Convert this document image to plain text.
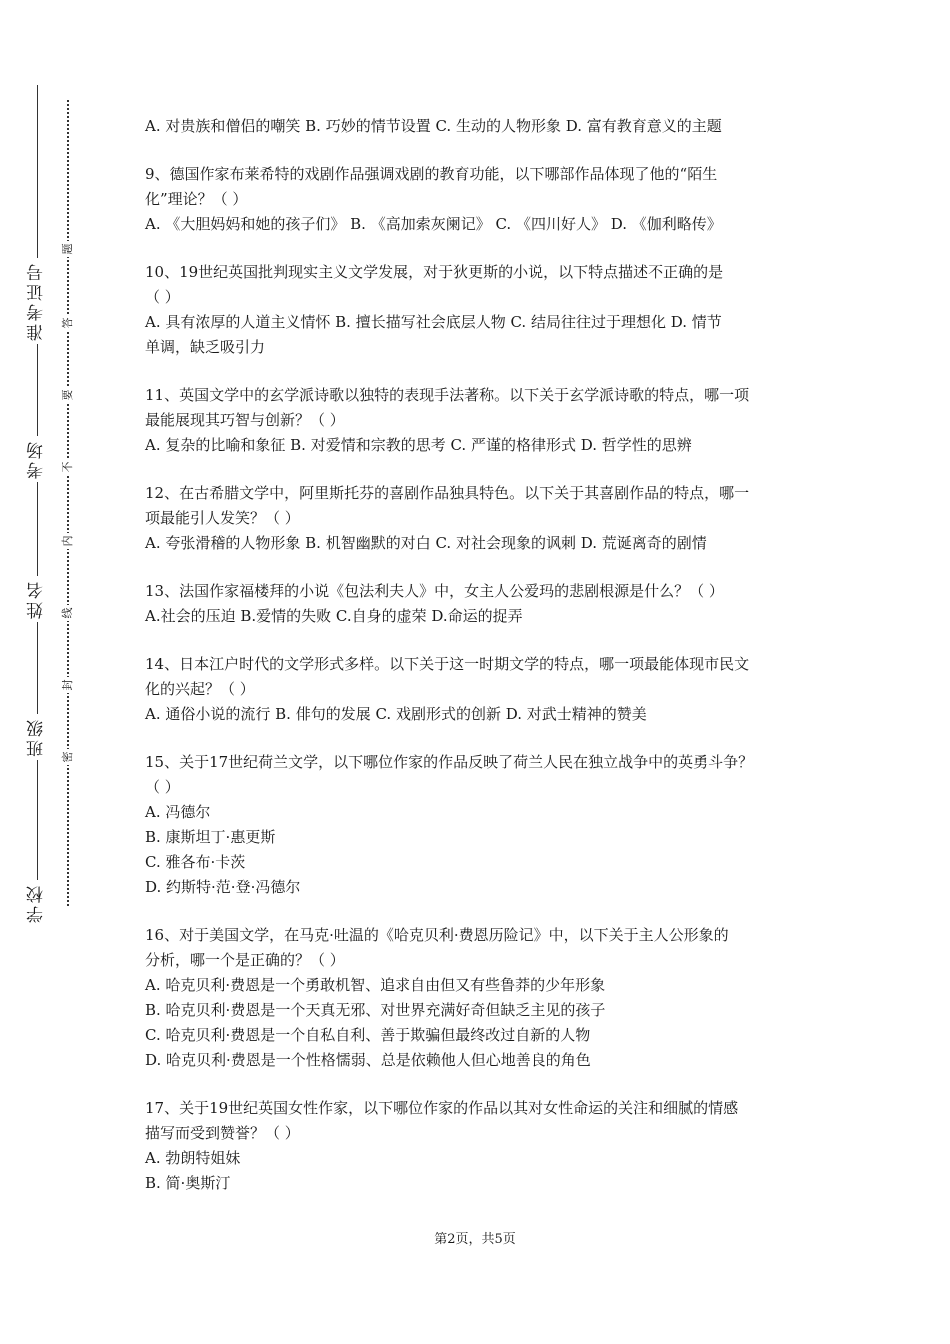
准考证号
考场
姓名
班级
学校
题
答
要
不
内
线
封
密
A. 对贵族和僧侣的嘲笑 B. 巧妙的情节设置 C. 生动的人物形象 D. 富有教育意义的主题
9、德国作家布莱希特的戏剧作品强调戏剧的教育功能，以下哪部作品体现了他的“陌生
化”理论？（ ）
A. 《大胆妈妈和她的孩子们》 B. 《高加索灰阑记》 C. 《四川好人》 D. 《伽利略传》
10、19世纪英国批判现实主义文学发展，对于狄更斯的小说，以下特点描述不正确的是
（ ）
A. 具有浓厚的人道主义情怀 B. 擅长描写社会底层人物 C. 结局往往过于理想化 D. 情节
单调，缺乏吸引力
11、英国文学中的玄学派诗歌以独特的表现手法著称。以下关于玄学派诗歌的特点，哪一项
最能展现其巧智与创新？（ ）
A. 复杂的比喻和象征 B. 对爱情和宗教的思考 C. 严谨的格律形式 D. 哲学性的思辨
12、在古希腊文学中，阿里斯托芬的喜剧作品独具特色。以下关于其喜剧作品的特点，哪一
项最能引人发笑？（ ）
A. 夸张滑稽的人物形象 B. 机智幽默的对白 C. 对社会现象的讽刺 D. 荒诞离奇的剧情
13、法国作家福楼拜的小说《包法利夫人》中，女主人公爱玛的悲剧根源是什么？（ ）
A.社会的压迫 B.爱情的失败 C.自身的虚荣 D.命运的捉弄
14、日本江户时代的文学形式多样。以下关于这一时期文学的特点，哪一项最能体现市民文
化的兴起？（ ）
A. 通俗小说的流行 B. 俳句的发展 C. 戏剧形式的创新 D. 对武士精神的赞美
15、关于17世纪荷兰文学，以下哪位作家的作品反映了荷兰人民在独立战争中的英勇斗争？
（ ）
A. 冯德尔
B. 康斯坦丁·惠更斯
C. 雅各布·卡茨
D. 约斯特·范·登·冯德尔
16、对于美国文学，在马克·吐温的《哈克贝利·费恩历险记》中，以下关于主人公形象的
分析，哪一个是正确的？（ ）
A. 哈克贝利·费恩是一个勇敢机智、追求自由但又有些鲁莽的少年形象
B. 哈克贝利·费恩是一个天真无邪、对世界充满好奇但缺乏主见的孩子
C. 哈克贝利·费恩是一个自私自利、善于欺骗但最终改过自新的人物
D. 哈克贝利·费恩是一个性格懦弱、总是依赖他人但心地善良的角色
17、关于19世纪英国女性作家，以下哪位作家的作品以其对女性命运的关注和细腻的情感
描写而受到赞誉？（ ）
A. 勃朗特姐妹
B. 简·奥斯汀
第2页，共5页
